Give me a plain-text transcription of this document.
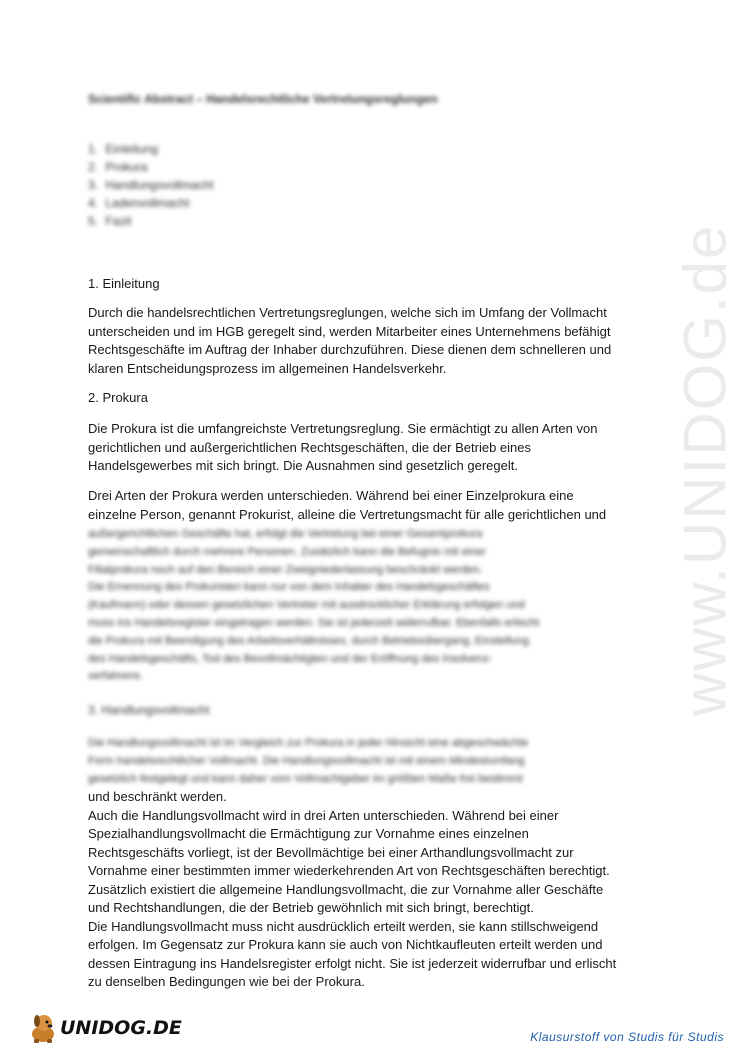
www.UNIDOG.de
Scientific Abstract – Handelsrechtliche Vertretungsreglungen
1. Einleitung
2. Prokura
3. Handlungsvollmacht
4. Ladenvollmacht
5. Fazit
1. Einleitung
Durch die handelsrechtlichen Vertretungsreglungen, welche sich im Umfang der Vollmacht
unterscheiden und im HGB geregelt sind, werden Mitarbeiter eines Unternehmens befähigt
Rechtsgeschäfte im Auftrag der Inhaber durchzuführen. Diese dienen dem schnelleren und
klaren Entscheidungsprozess im allgemeinen Handelsverkehr.
2. Prokura
Die Prokura ist die umfangreichste Vertretungsreglung. Sie ermächtigt zu allen Arten von
gerichtlichen und außergerichtlichen Rechtsgeschäften, die der Betrieb eines
Handelsgewerbes mit sich bringt. Die Ausnahmen sind gesetzlich geregelt.
Drei Arten der Prokura werden unterschieden. Während bei einer Einzelprokura eine
einzelne Person, genannt Prokurist, alleine die Vertretungsmacht für alle gerichtlichen und
außergerichtlichen Geschäfte hat, erfolgt die Vertretung bei einer Gesamtprokura
gemeinschaftlich durch mehrere Personen. Zusätzlich kann die Befugnis mit einer
Filialprokura noch auf den Bereich einer Zweigniederlassung beschränkt werden.
Die Ernennung des Prokuristen kann nur von dem Inhaber des Handelsgeschäftes
(Kaufmann) oder dessen gesetzlichen Vertreter mit ausdrücklicher Erklärung erfolgen und
muss ins Handelsregister eingetragen werden. Sie ist jederzeit widerrufbar. Ebenfalls erlischt
die Prokura mit Beendigung des Arbeitsverhältnisses, durch Betriebsübergang, Einstellung
des Handelsgeschäfts, Tod des Bevollmächtigten und der Eröffnung des Insolvenz-
verfahrens.
3. Handlungsvollmacht
Die Handlungsvollmacht ist im Vergleich zur Prokura in jeder Hinsicht eine abgeschwächte
Form handelsrechtlicher Vollmacht. Die Handlungsvollmacht ist mit einem Mindestumfang
gesetzlich festgelegt und kann daher vom Vollmachtgeber im größten Maße frei bestimmt
und beschränkt werden.
Auch die Handlungsvollmacht wird in drei Arten unterschieden. Während bei einer
Spezialhandlungsvollmacht die Ermächtigung zur Vornahme eines einzelnen
Rechtsgeschäfts vorliegt, ist der Bevollmächtige bei einer Arthandlungsvollmacht zur
Vornahme einer bestimmten immer wiederkehrenden Art von Rechtsgeschäften berechtigt.
Zusätzlich existiert die allgemeine Handlungsvollmacht, die zur Vornahme aller Geschäfte
und Rechtshandlungen, die der Betrieb gewöhnlich mit sich bringt, berechtigt.
Die Handlungsvollmacht muss nicht ausdrücklich erteilt werden, sie kann stillschweigend
erfolgen. Im Gegensatz zur Prokura kann sie auch von Nichtkaufleuten erteilt werden und
dessen Eintragung ins Handelsregister erfolgt nicht. Sie ist jederzeit widerrufbar und erlischt
zu denselben Bedingungen wie bei der Prokura.
UNIDOG.DE	Klausurstoff von Studis für Studis
